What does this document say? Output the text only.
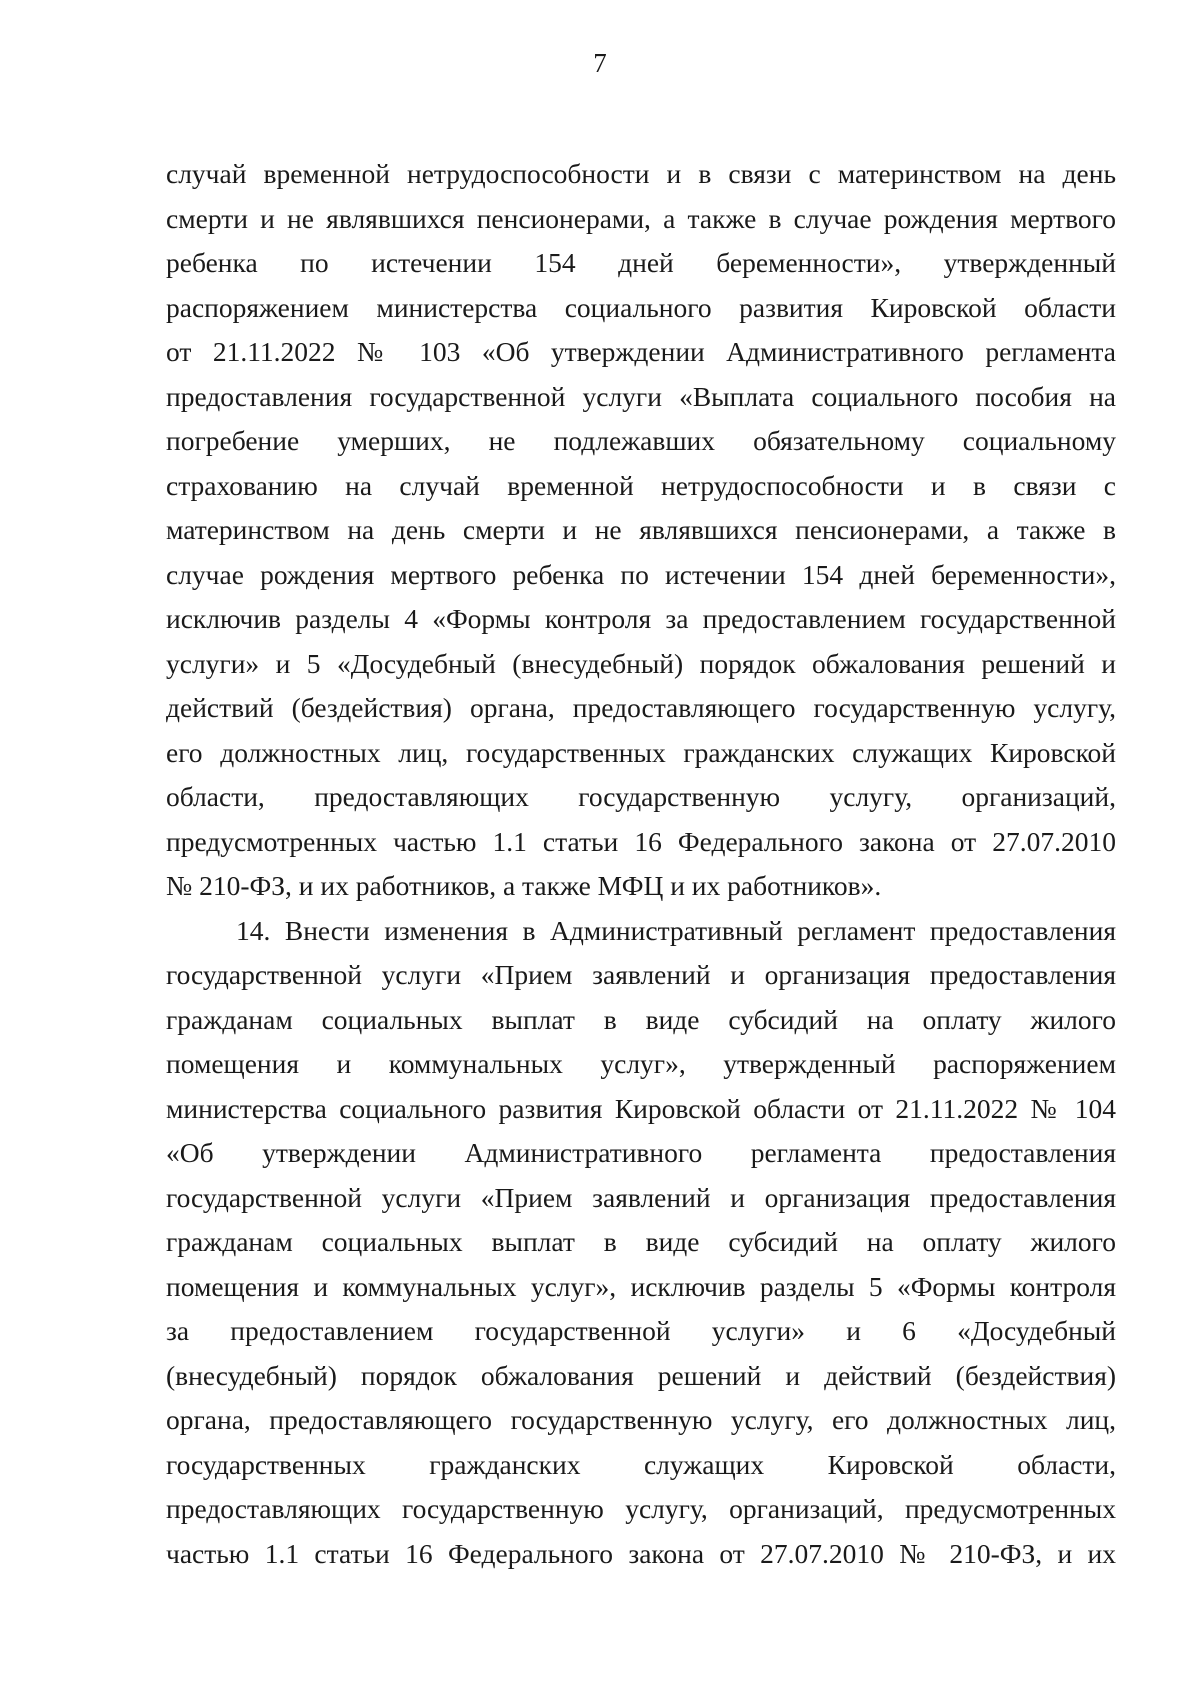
7
случай временной нетрудоспособности и в связи с материнством на день
смерти и не являвшихся пенсионерами, а также в случае рождения мертвого
ребенка по истечении 154 дней беременности», утвержденный
распоряжением министерства социального развития Кировской области
от 21.11.2022 № 103 «Об утверждении Административного регламента
предоставления государственной услуги «Выплата социального пособия на
погребение умерших, не подлежавших обязательному социальному
страхованию на случай временной нетрудоспособности и в связи с
материнством на день смерти и не являвшихся пенсионерами, а также в
случае рождения мертвого ребенка по истечении 154 дней беременности»,
исключив разделы 4 «Формы контроля за предоставлением государственной
услуги» и 5 «Досудебный (внесудебный) порядок обжалования решений и
действий (бездействия) органа, предоставляющего государственную услугу,
его должностных лиц, государственных гражданских служащих Кировской
области, предоставляющих государственную услугу, организаций,
предусмотренных частью 1.1 статьи 16 Федерального закона от 27.07.2010
№ 210-ФЗ, и их работников, а также МФЦ и их работников».
14. Внести изменения в Административный регламент предоставления
государственной услуги «Прием заявлений и организация предоставления
гражданам социальных выплат в виде субсидий на оплату жилого
помещения и коммунальных услуг», утвержденный распоряжением
министерства социального развития Кировской области от 21.11.2022 № 104
«Об утверждении Административного регламента предоставления
государственной услуги «Прием заявлений и организация предоставления
гражданам социальных выплат в виде субсидий на оплату жилого
помещения и коммунальных услуг», исключив разделы 5 «Формы контроля
за предоставлением государственной услуги» и 6 «Досудебный
(внесудебный) порядок обжалования решений и действий (бездействия)
органа, предоставляющего государственную услугу, его должностных лиц,
государственных гражданских служащих Кировской области,
предоставляющих государственную услугу, организаций, предусмотренных
частью 1.1 статьи 16 Федерального закона от 27.07.2010 № 210-ФЗ, и их
